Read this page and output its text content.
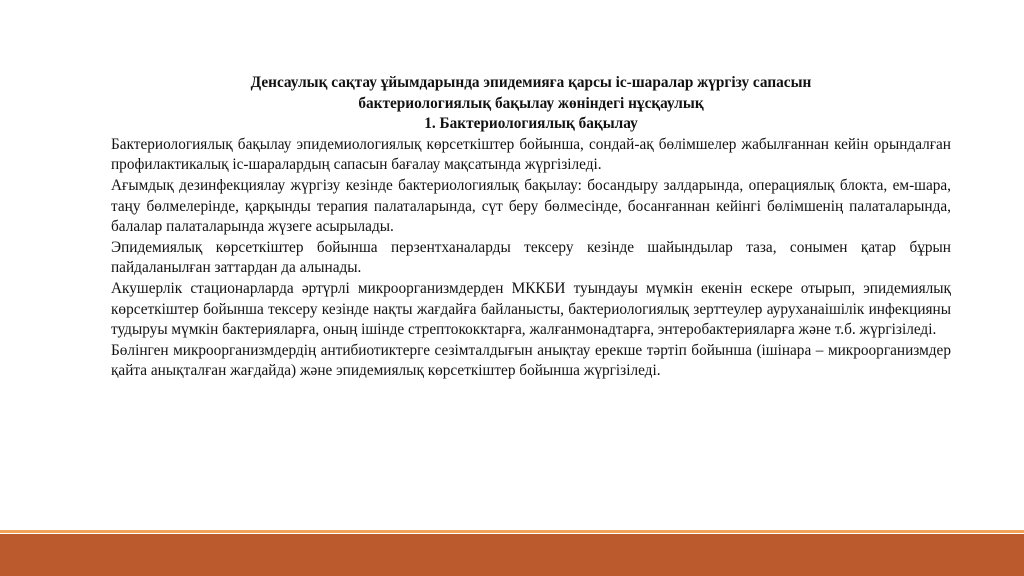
Денсаулық сақтау ұйымдарында эпидемияға қарсы іс-шаралар жүргізу сапасын
бактериологиялық бақылау жөніндегі нұсқаулық
1. Бактериологиялық бақылау

Бактериологиялық бақылау эпидемиологиялық көрсеткіштер бойынша, сондай-ақ бөлімшелер жабылғаннан кейін орындалған профилактикалық іс-шаралардың сапасын бағалау мақсатында жүргізіледі.

Ағымдық дезинфекциялау жүргізу кезінде бактериологиялық бақылау: босандыру залдарында, операциялық блокта, ем-шара, таңу бөлмелерінде, қарқынды терапия палаталарында, сүт беру бөлмесінде, босанғаннан кейінгі бөлімшенің палаталарында, балалар палаталарында жүзеге асырылады.

Эпидемиялық көрсеткіштер бойынша перзентханаларды тексеру кезінде шайындылар таза, сонымен қатар бұрын пайдаланылған заттардан да алынады.

Акушерлік стационарларда әртүрлі микроорганизмдерден МККБИ туындауы мүмкін екенін ескере отырып, эпидемиялық көрсеткіштер бойынша тексеру кезінде нақты жағдайға байланысты, бактериологиялық зерттеулер ауруханаішілік инфекцияны тудыруы мүмкін бактерияларға, оның ішінде стрептококктарға, жалғанмонадтарға, энтеробактерияларға және т.б. жүргізіледі.

Бөлінген микроорганизмдердің антибиотиктерге сезімталдығын анықтау ерекше тәртіп бойынша (ішінара – микроорганизмдер қайта анықталған жағдайда) және эпидемиялық көрсеткіштер бойынша жүргізіледі.
